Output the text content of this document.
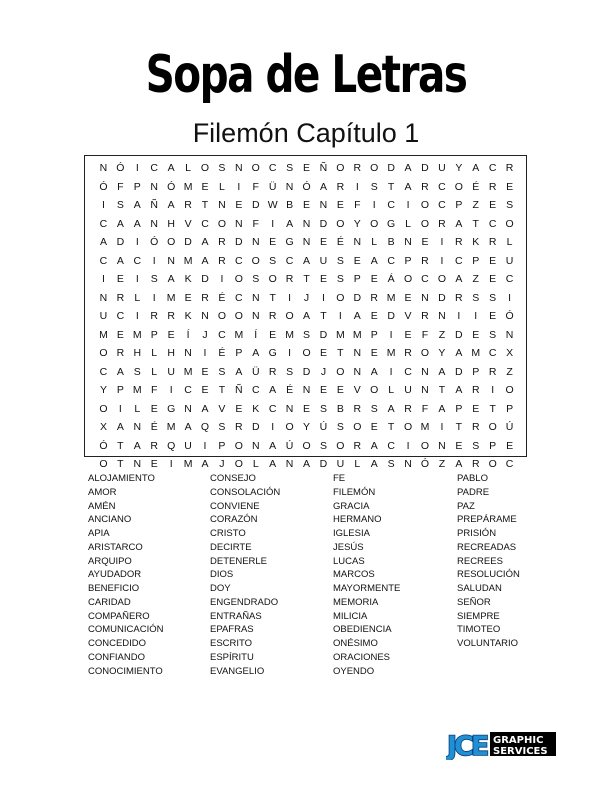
Sopa de Letras
Filemón Capítulo 1
N Ó	I	C A L O S N O C S E Ñ O R O D A D U Y A C R
Ó F P N Ó M E L	I	F Ü N Ó A R	I	S T A R C O É R E
I	S A Ñ A R T N E D W B E N E F	I	C	I	O C P Z E S
C A A N H V C O N F	I	A N D O Y O G L O R A T C O
A D	I	Ó O D A R D N E G N E É N L	B N E	I	R K R L
C A C	I	N M A R C O S C A U S E A C P R	I	C P E U
I	E	I	S A K D	I	O S O R T E S P E Á O C O A Z E C
N R L	I	M E R É C N T	I	J	I	O D R M E N D R S S	I
U C	I	R R K N O O N R O A T	I	A E D V R N	I	I	E Ó
M E M P E	Í	J	C M	Í	E M S D M M P	I	E F	Z D E S N
O R H L H N	I	É P A G	I	O E T N E M R O Y A M C X
C A S L U M E S A Ü R S D	J O N A	I	C N A D P R Z
Y P M F	I	C E T Ñ C A É N E E V O L U N T A R	I	O
O	I	L	E G N A V E K C N E S B R S A R F A P E T P
X A N É M A Q S R D	I	O Y Ú S O E T O M	I	T R O Ú
Ó T A R Q U	I	P O N A Ú O S O R A C	I	O N E S P E
O T N E	I	M A	J O L	A N A D U L	A S N Ó Z A R O C
ALOJAMIENTO
AMOR
AMÉN
ANCIANO
APIA
ARISTARCO
ARQUIPO
AYUDADOR
BENEFICIO
CARIDAD
COMPAÑERO
COMUNICACIÓN
CONCEDIDO
CONFIANDO
CONOCIMIENTO
CONSEJO
CONSOLACIÓN
CONVIENE
CORAZÓN
CRISTO
DECIRTE
DETENERLE
DIOS
DOY
ENGENDRADO
ENTRAÑAS
EPAFRAS
ESCRITO
ESPÍRITU
EVANGELIO
FE
FILEMÓN
GRACIA
HERMANO
IGLESIA
JESÚS
LUCAS
MARCOS
MAYORMENTE
MEMORIA
MILICIA
OBEDIENCIA
ONÉSIMO
ORACIONES
OYENDO
PABLO
PADRE
PAZ
PREPÁRAME
PRISIÓN
RECREADAS
RECREES
RESOLUCIÓN
SALUDAN
SEÑOR
SIEMPRE
TIMOTEO
VOLUNTARIO
JCE GRAPHIC
SERVICES
